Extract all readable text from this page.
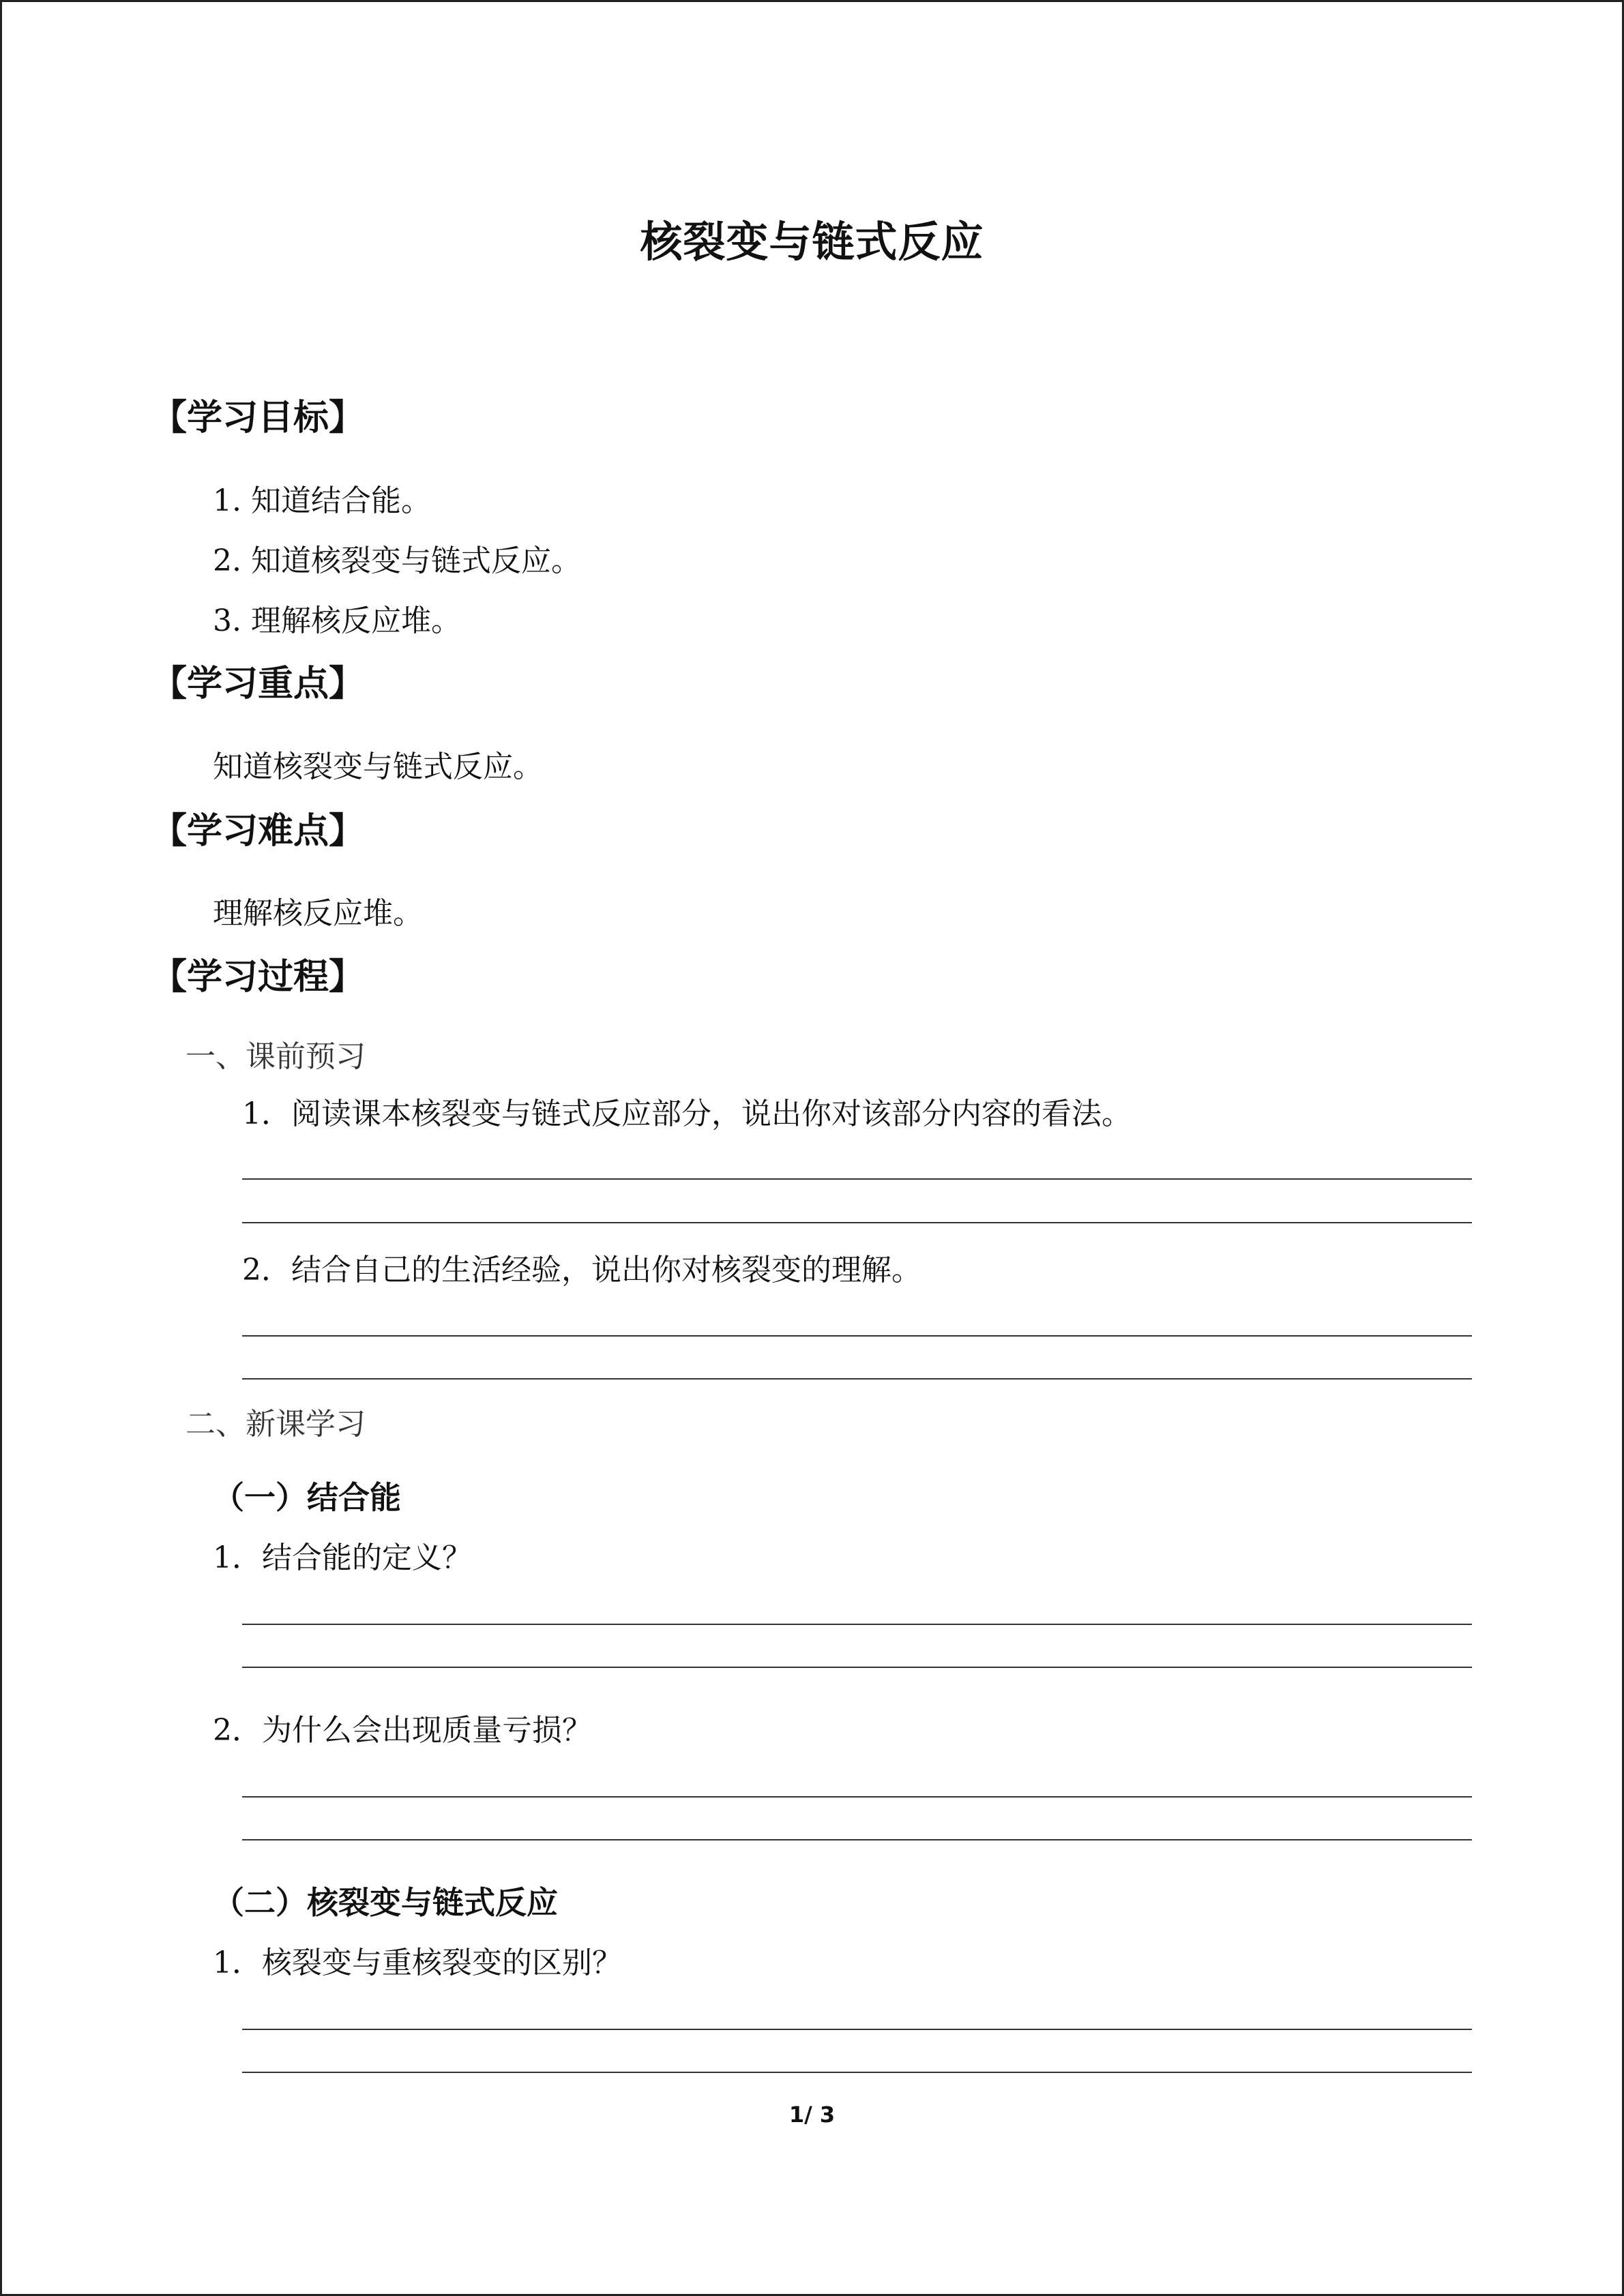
核裂变与链式反应
【学习目标】
1. 知道结合能。
2. 知道核裂变与链式反应。
3. 理解核反应堆。
【学习重点】
知道核裂变与链式反应。
【学习难点】
理解核反应堆。
【学习过程】
一、课前预习
1．阅读课本核裂变与链式反应部分，说出你对该部分内容的看法。
2．结合自己的生活经验，说出你对核裂变的理解。
二、新课学习
（一）结合能
1．结合能的定义？
2．为什么会出现质量亏损？
（二）核裂变与链式反应
1．核裂变与重核裂变的区别？
1/ 3
